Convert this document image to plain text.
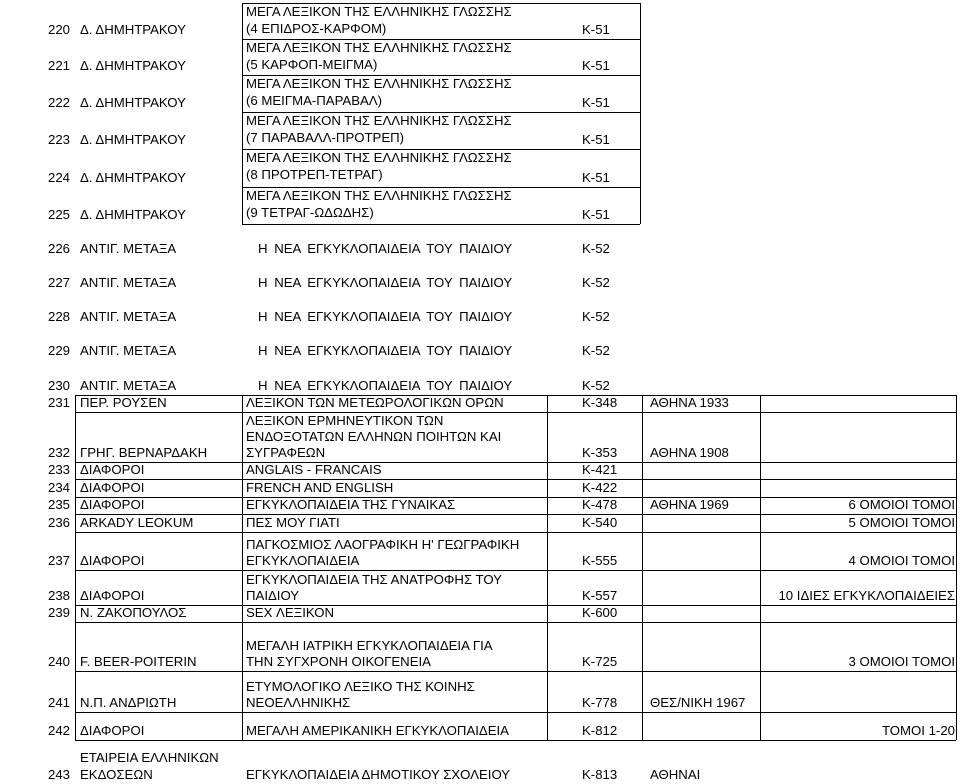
220 Δ. ΔΗΜΗΤΡΑΚΟΥ
ΜΕΓΑ ΛΕΞΙΚΟΝ ΤΗΣ ΕΛΛΗΝΙΚΗΣ ΓΛΩΣΣΗΣ
(4 ΕΠΙΔΡΟΣ-ΚΑΡΦΟΜ)	Κ-51
221 Δ. ΔΗΜΗΤΡΑΚΟΥ
ΜΕΓΑ ΛΕΞΙΚΟΝ ΤΗΣ ΕΛΛΗΝΙΚΗΣ ΓΛΩΣΣΗΣ
(5 ΚΑΡΦΟΠ-ΜΕΙΓΜΑ)	Κ-51
222 Δ. ΔΗΜΗΤΡΑΚΟΥ
ΜΕΓΑ ΛΕΞΙΚΟΝ ΤΗΣ ΕΛΛΗΝΙΚΗΣ ΓΛΩΣΣΗΣ
(6 ΜΕΙΓΜΑ-ΠΑΡΑΒΑΛ)	Κ-51
223 Δ. ΔΗΜΗΤΡΑΚΟΥ
ΜΕΓΑ ΛΕΞΙΚΟΝ ΤΗΣ ΕΛΛΗΝΙΚΗΣ ΓΛΩΣΣΗΣ
(7 ΠΑΡΑΒΑΛΛ-ΠΡΟΤΡΕΠ)	Κ-51
224 Δ. ΔΗΜΗΤΡΑΚΟΥ
ΜΕΓΑ ΛΕΞΙΚΟΝ ΤΗΣ ΕΛΛΗΝΙΚΗΣ ΓΛΩΣΣΗΣ
(8 ΠΡΟΤΡΕΠ-ΤΕΤΡΑΓ)	Κ-51
225 Δ. ΔΗΜΗΤΡΑΚΟΥ
ΜΕΓΑ ΛΕΞΙΚΟΝ ΤΗΣ ΕΛΛΗΝΙΚΗΣ ΓΛΩΣΣΗΣ
(9 ΤΕΤΡΑΓ-ΩΔΩΔΗΣ)	Κ-51
226 ΑΝΤΙΓ. ΜΕΤΑΞΑ	Η ΝΕΑ ΕΓΚΥΚΛΟΠΑΙΔΕΙΑ ΤΟΥ ΠΑΙΔΙΟΥ	Κ-52
227 ΑΝΤΙΓ. ΜΕΤΑΞΑ	Η ΝΕΑ ΕΓΚΥΚΛΟΠΑΙΔΕΙΑ ΤΟΥ ΠΑΙΔΙΟΥ	Κ-52
228 ΑΝΤΙΓ. ΜΕΤΑΞΑ	Η ΝΕΑ ΕΓΚΥΚΛΟΠΑΙΔΕΙΑ ΤΟΥ ΠΑΙΔΙΟΥ	Κ-52
229 ΑΝΤΙΓ. ΜΕΤΑΞΑ	Η ΝΕΑ ΕΓΚΥΚΛΟΠΑΙΔΕΙΑ ΤΟΥ ΠΑΙΔΙΟΥ	Κ-52
230 ΑΝΤΙΓ. ΜΕΤΑΞΑ	Η ΝΕΑ ΕΓΚΥΚΛΟΠΑΙΔΕΙΑ ΤΟΥ ΠΑΙΔΙΟΥ	Κ-52
231 ΠΕΡ. ΡΟΥΣΕΝ	ΛΕΞΙΚΟΝ ΤΩΝ ΜΕΤΕΩΡΟΛΟΓΙΚΩΝ ΟΡΩΝ	Κ-348 ΑΘΗΝΑ 1933
232 ΓΡΗΓ. ΒΕΡΝΑΡΔΑΚΗ
ΛΕΞΙΚΟΝ ΕΡΜΗΝΕΥΤΙΚΟΝ ΤΩΝ
ΕΝΔΟΞΟΤΑΤΩΝ ΕΛΛΗΝΩΝ ΠΟΙΗΤΩΝ ΚΑΙ
ΣΥΓΡΑΦΕΩΝ	Κ-353 ΑΘΗΝΑ 1908
233 ΔΙΑΦΟΡΟΙ	ANGLAIS - FRANCAIS	Κ-421
234 ΔΙΑΦΟΡΟΙ	FRENCH AND ENGLISH	Κ-422
235 ΔΙΑΦΟΡΟΙ	ΕΓΚΥΚΛΟΠΑΙΔΕΙΑ ΤΗΣ ΓΥΝΑΙΚΑΣ	Κ-478 ΑΘΗΝΑ 1969	6 ΟΜΟΙΟΙ ΤΟΜΟΙ
236 ARKADY LEOKUM	ΠΕΣ ΜΟΥ ΓΙΑΤΙ	Κ-540	5 ΟΜΟΙΟΙ ΤΟΜΟΙ
237 ΔΙΑΦΟΡΟΙ
ΠΑΓΚΟΣΜΙΟΣ ΛΑΟΓΡΑΦΙΚΗ Η' ΓΕΩΓΡΑΦΙΚΗ
ΕΓΚΥΚΛΟΠΑΙΔΕΙΑ	Κ-555	4 ΟΜΟΙΟΙ ΤΟΜΟΙ
238 ΔΙΑΦΟΡΟΙ
ΕΓΚΥΚΛΟΠΑΙΔΕΙΑ ΤΗΣ ΑΝΑΤΡΟΦΗΣ ΤΟΥ
ΠΑΙΔΙΟΥ	Κ-557	10 ΙΔΙΕΣ ΕΓΚΥΚΛΟΠΑΙΔΕΙΕΣ
239 Ν. ΖΑΚΟΠΟΥΛΟΣ	SEX ΛΕΞΙΚΟΝ	Κ-600
240 F. BEER-POITERIN
ΜΕΓΑΛΗ ΙΑΤΡΙΚΗ ΕΓΚΥΚΛΟΠΑΙΔΕΙΑ ΓΙΑ
ΤΗΝ ΣΥΓΧΡΟΝΗ ΟΙΚΟΓΕΝΕΙΑ	Κ-725	3 ΟΜΟΙΟΙ ΤΟΜΟΙ
241 Ν.Π. ΑΝΔΡΙΩΤΗ
ΕΤΥΜΟΛΟΓΙΚΟ ΛΕΞΙΚΟ ΤΗΣ ΚΟΙΝΗΣ
ΝΕΟΕΛΛΗΝΙΚΗΣ	Κ-778 ΘΕΣ/ΝΙΚΗ 1967
242 ΔΙΑΦΟΡΟΙ	ΜΕΓΑΛΗ ΑΜΕΡΙΚΑΝΙΚΗ ΕΓΚΥΚΛΟΠΑΙΔΕΙΑ	Κ-812	ΤΟΜΟΙ 1-20
243
ΕΤΑΙΡΕΙΑ ΕΛΛΗΝΙΚΩΝ
ΕΚΔΟΣΕΩΝ	ΕΓΚΥΚΛΟΠΑΙΔΕΙΑ ΔΗΜΟΤΙΚΟΥ ΣΧΟΛΕΙΟΥ	Κ-813 ΑΘΗΝΑΙ
